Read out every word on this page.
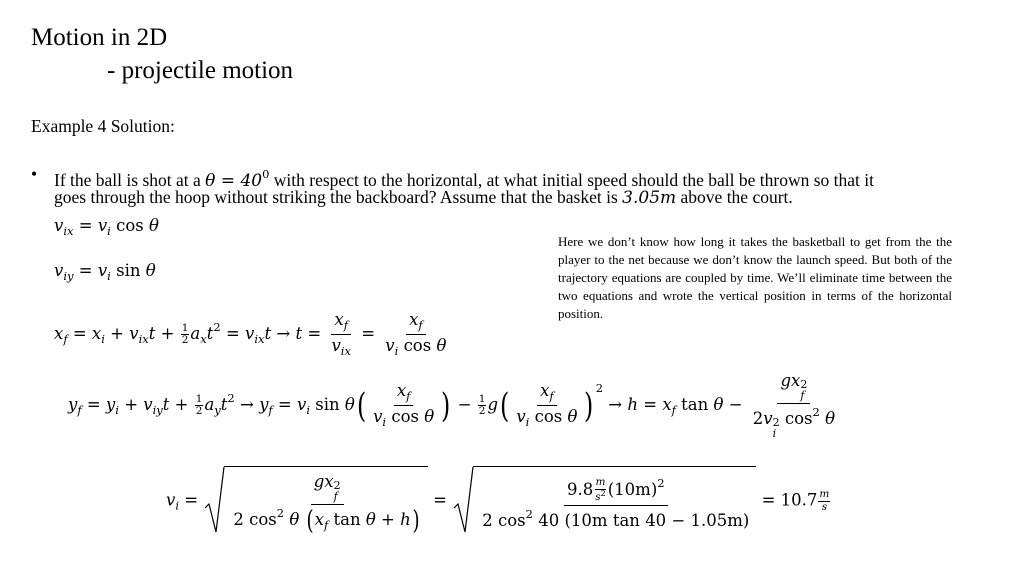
Motion in 2D
- projectile motion
Example 4 Solution:
• If the ball is shot at a $\theta = 40^0$ with respect to the horizontal, at what initial speed should the ball be thrown so that it
goes through the hoop without striking the backboard? Assume that the basket is 3.05m above the court.
Here we don’t know how long it takes the basketball to get from the the player to the net because we don’t know the launch speed. But both of the trajectory equations are coupled by time. We’ll eliminate time between the two equations and wrote the vertical position in terms of the horizontal position.
$v_{ix} = v_i$ cos θ
$v_{iy} = v_i$ sin θ
$x_f = x_i + v_{ix}t + \frac{1}{2} a_xt^2 = v_{ix}t \to t = \frac{x_f}{v_{ix}} = \frac{x_f}{v_i \cos \theta}$
$y_f = y_i + v_{iy}t + \frac{1}{2} a_yt^2 \to y_f = v_i$ $\sin \theta( \frac{x_f}{v_i \cos \theta}$ ) − $\frac{1}{2} g( \frac{x_f}{v_i \cos \theta}$ ) $^2 \to h = x_f$ tan θ − gx 2
f
2v 2
i
$\cos^2 \theta$
$v_i$ = gx 2
f
2 $\cos^2 \theta$ ($x_f$ $\tan \theta + h) = \frac{9.8 \frac{m}{s^2} (10m)^2}{2 \cos^2 40 (10m \tan 40 - 1.05m)} = 10.7 \frac{m}{s}$
